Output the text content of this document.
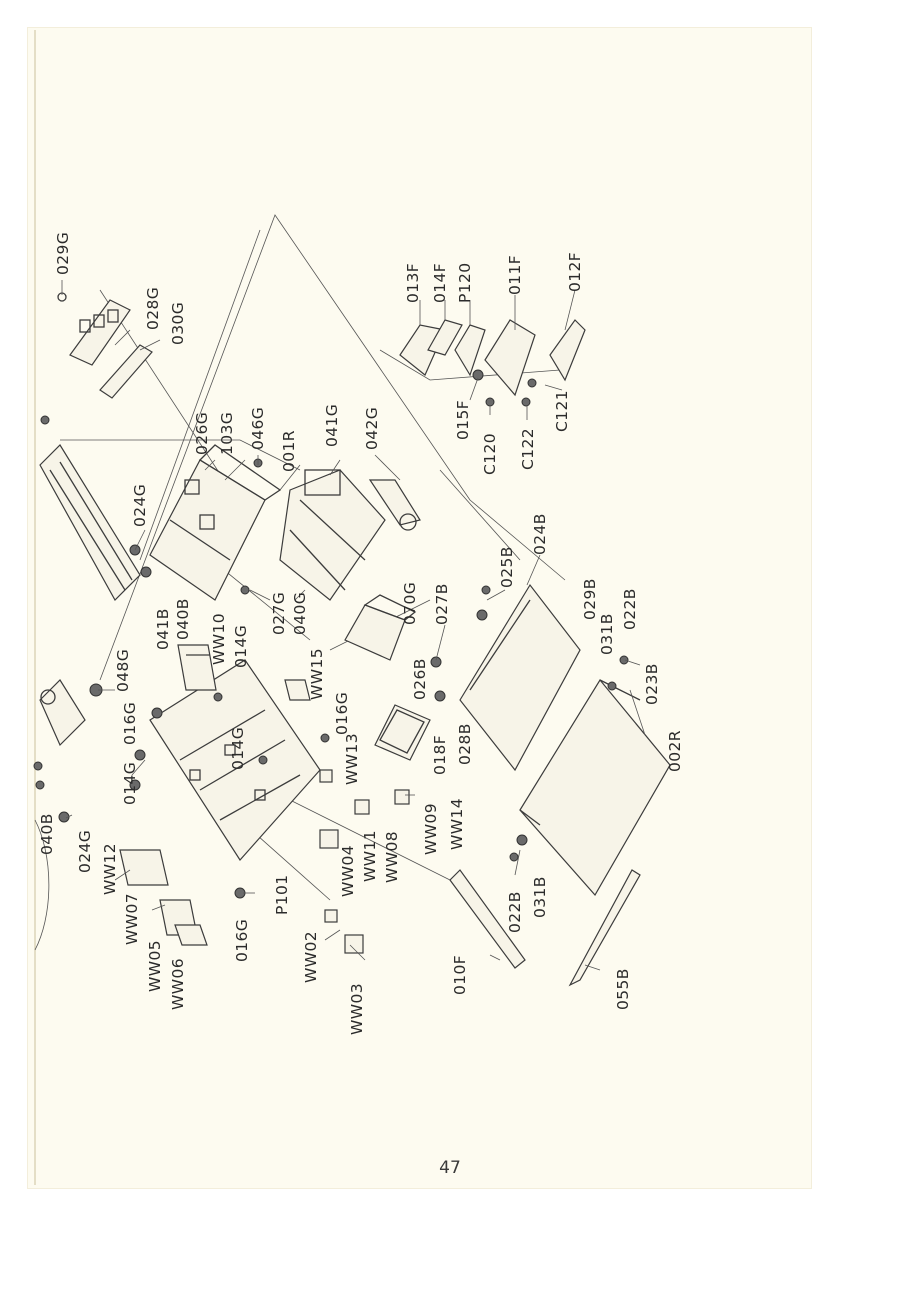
029G
028G 030G
026G 103G 046G
001R
041G 042G
024G
041B 040B	027G 040G	070G
WW10 014G
048G	WW15
016G
014G
016G
014G	WW13	018F
026B
028B
027B
025B
024B
029B
031B
022B
023B
002R
040B 024G WW12
WW07
WW05 WW06
016G
P101	WW04 WW11 WW08
WW09 WW14
WW02
WW03
022B 031B
010F	055B
013F 014F P120 011F	012F
015F
C120 C122
C121
47
